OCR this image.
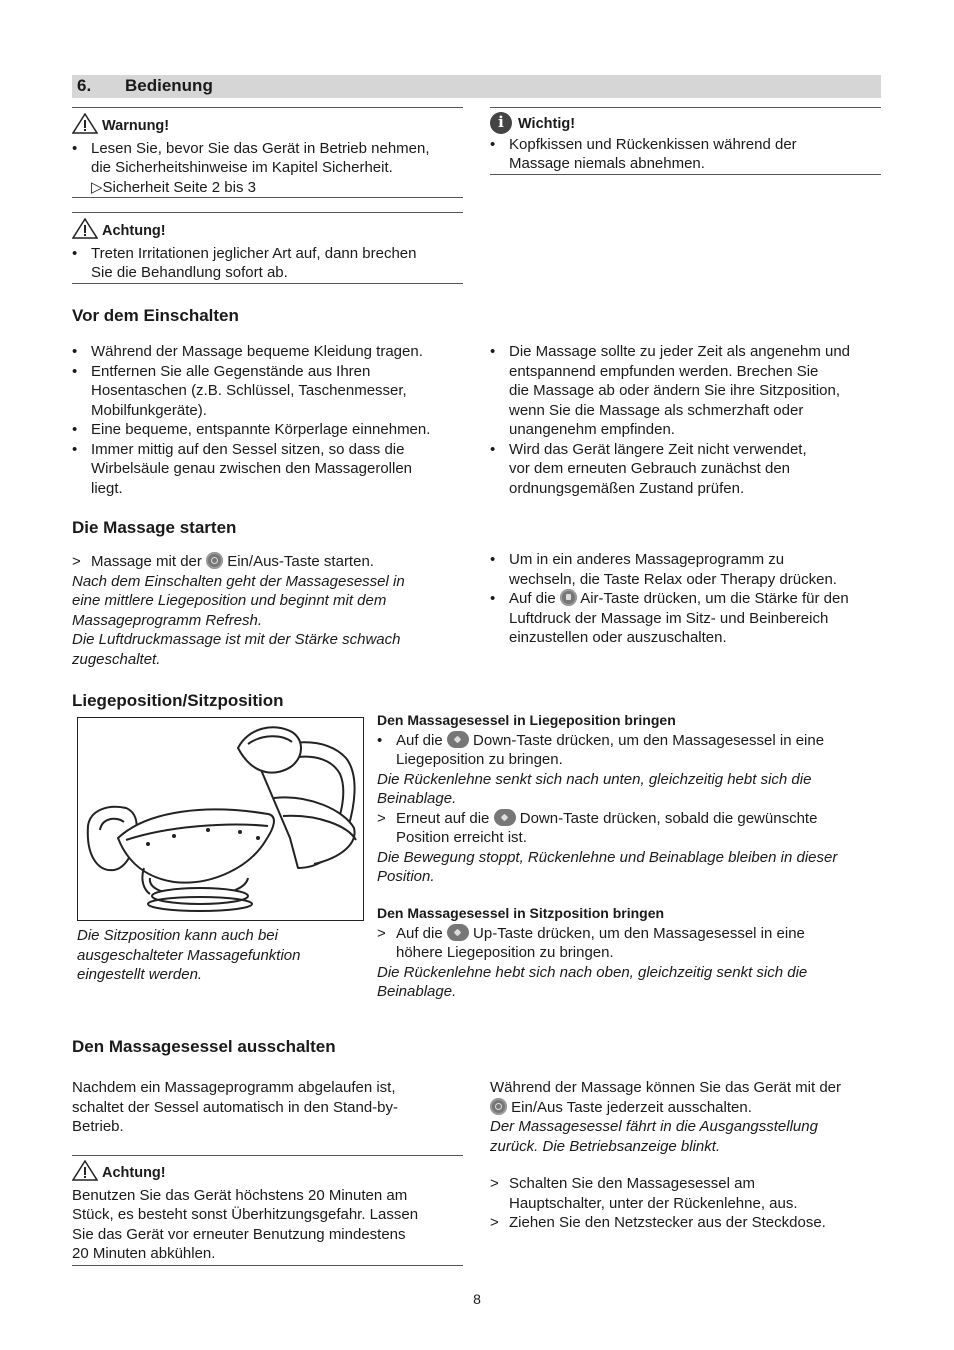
6. Bedienung
Warnung!
• Lesen Sie, bevor Sie das Gerät in Betrieb nehmen,
die Sicherheitshinweise im Kapitel Sicherheit.
▷Sicherheit Seite 2 bis 3
Achtung!
• Treten Irritationen jeglicher Art auf, dann brechen
Sie die Behandlung sofort ab.
iWichtig!
• Kopfkissen und Rückenkissen während der
Massage niemals abnehmen.
Vor dem Einschalten
• Während der Massage bequeme Kleidung tragen.
• Entfernen Sie alle Gegenstände aus Ihren
Hosentaschen (z.B. Schlüssel, Taschenmesser,
Mobilfunkgeräte).
• Eine bequeme, entspannte Körperlage einnehmen.
• Immer mittig auf den Sessel sitzen, so dass die
Wirbelsäule genau zwischen den Massagerollen
liegt.
• Die Massage sollte zu jeder Zeit als angenehm und
entspannend empfunden werden. Brechen Sie
die Massage ab oder ändern Sie ihre Sitzposition,
wenn Sie die Massage als schmerzhaft oder
unangenehm empfinden.
• Wird das Gerät längere Zeit nicht verwendet,
vor dem erneuten Gebrauch zunächst den
ordnungsgemäßen Zustand prüfen.
Die Massage starten
> Massage mit der Ein/Aus-Taste starten.
Nach dem Einschalten geht der Massagesessel in
eine mittlere Liegeposition und beginnt mit dem
Massageprogramm Refresh.
Die Luftdruckmassage ist mit der Stärke schwach
zugeschaltet.
• Um in ein anderes Massageprogramm zu
wechseln, die Taste Relax oder Therapy drücken.
• Auf die Air-Taste drücken, um die Stärke für den
Luftdruck der Massage im Sitz- und Beinbereich
einzustellen oder auszuschalten.
Liegeposition/Sitzposition
Die Sitzposition kann auch bei
ausgeschalteter Massagefunktion
eingestellt werden.
Den Massagesessel in Liegeposition bringen
• Auf die Down-Taste drücken, um den Massagesessel in eine
Liegeposition zu bringen.
Die Rückenlehne senkt sich nach unten, gleichzeitig hebt sich die
Beinablage.
> Erneut auf die Down-Taste drücken, sobald die gewünschte
Position erreicht ist.
Die Bewegung stoppt, Rückenlehne und Beinablage bleiben in dieser
Position.
Den Massagesessel in Sitzposition bringen
> Auf die Up-Taste drücken, um den Massagesessel in eine
höhere Liegeposition zu bringen.
Die Rückenlehne hebt sich nach oben, gleichzeitig senkt sich die
Beinablage.
Den Massagesessel ausschalten
Nachdem ein Massageprogramm abgelaufen ist,
schaltet der Sessel automatisch in den Stand-by-
Betrieb.
Achtung!
Benutzen Sie das Gerät höchstens 20 Minuten am
Stück, es besteht sonst Überhitzungsgefahr. Lassen
Sie das Gerät vor erneuter Benutzung mindestens
20 Minuten abkühlen.
Während der Massage können Sie das Gerät mit der
Ein/Aus Taste jederzeit ausschalten.
Der Massagesessel fährt in die Ausgangsstellung
zurück. Die Betriebsanzeige blinkt.
> Schalten Sie den Massagesessel am
Hauptschalter, unter der Rückenlehne, aus.
> Ziehen Sie den Netzstecker aus der Steckdose.
8
